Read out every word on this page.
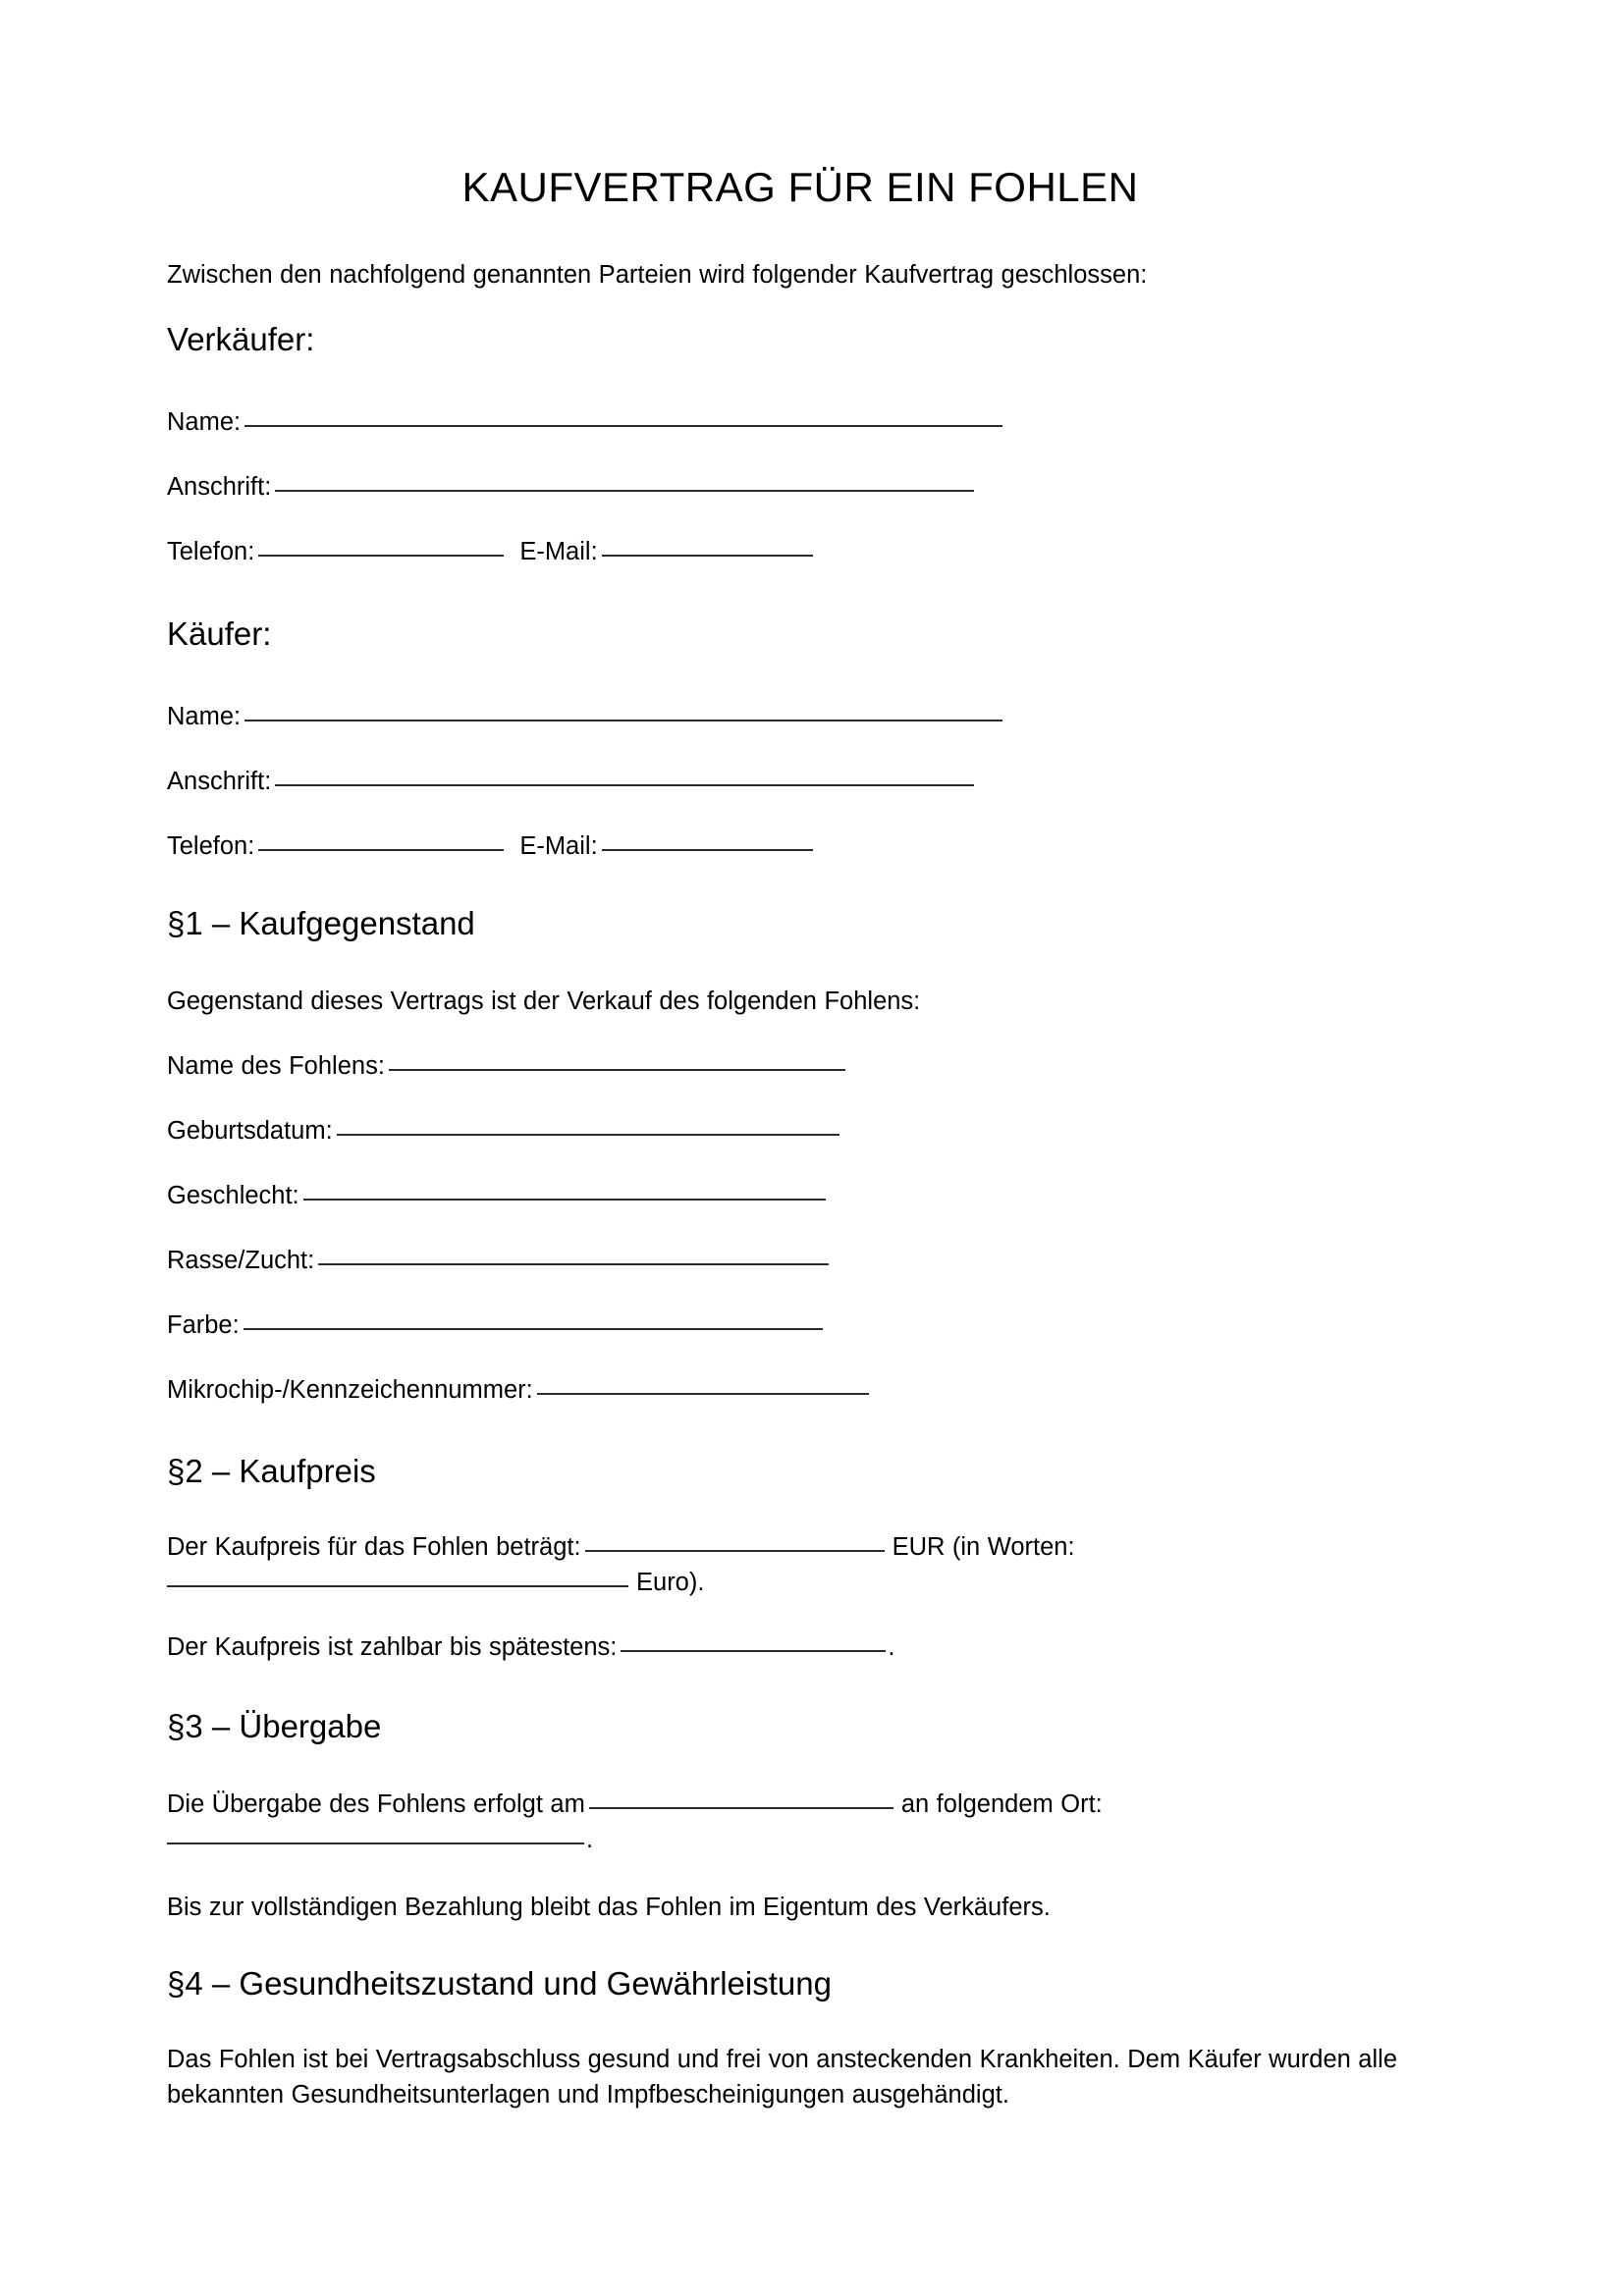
KAUFVERTRAG FÜR EIN FOHLEN
Zwischen den nachfolgend genannten Parteien wird folgender Kaufvertrag geschlossen:
Verkäufer:
Name:
Anschrift:
Telefon:	E-Mail:
Käufer:
Name:
Anschrift:
Telefon:	E-Mail:
§1 – Kaufgegenstand
Gegenstand dieses Vertrags ist der Verkauf des folgenden Fohlens:
Name des Fohlens:
Geburtsdatum:
Geschlecht:
Rasse/Zucht:
Farbe:
Mikrochip-/Kennzeichennummer:
§2 – Kaufpreis
Der Kaufpreis für das Fohlen beträgt:	EUR (in Worten:
Euro).
Der Kaufpreis ist zahlbar bis spätestens:	.
§3 – Übergabe
Die Übergabe des Fohlens erfolgt am	an folgendem Ort:
.
Bis zur vollständigen Bezahlung bleibt das Fohlen im Eigentum des Verkäufers.
§4 – Gesundheitszustand und Gewährleistung
Das Fohlen ist bei Vertragsabschluss gesund und frei von ansteckenden Krankheiten. Dem Käufer wurden alle bekannten Gesundheitsunterlagen und Impfbescheinigungen ausgehändigt.
